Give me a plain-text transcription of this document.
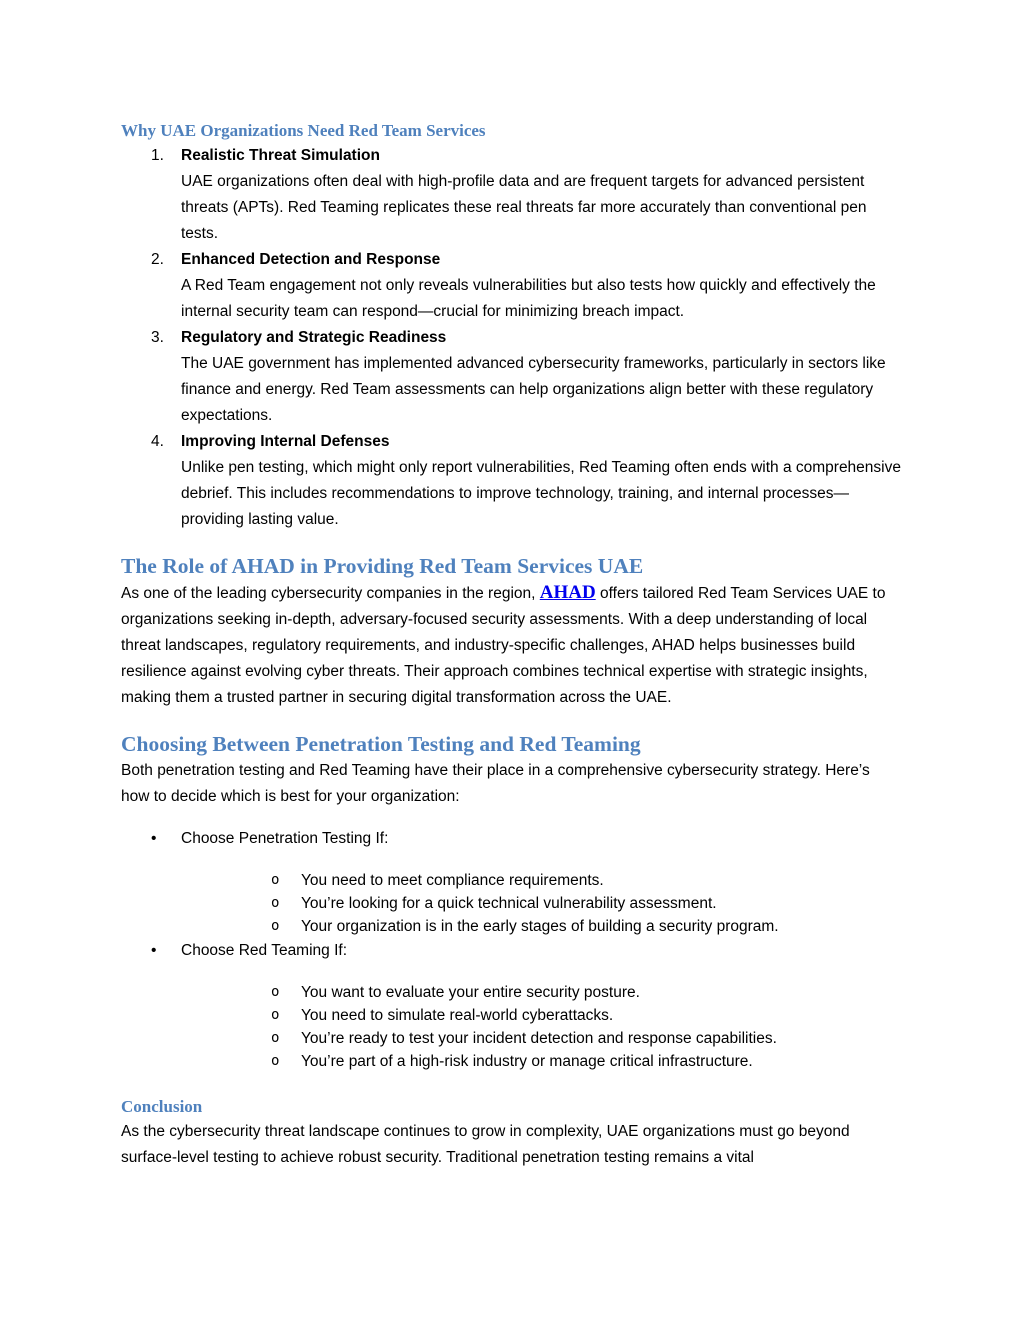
Why UAE Organizations Need Red Team Services
1. Realistic Threat Simulation
UAE organizations often deal with high-profile data and are frequent targets for advanced persistent threats (APTs). Red Teaming replicates these real threats far more accurately than conventional pen tests.
2. Enhanced Detection and Response
A Red Team engagement not only reveals vulnerabilities but also tests how quickly and effectively the internal security team can respond—crucial for minimizing breach impact.
3. Regulatory and Strategic Readiness
The UAE government has implemented advanced cybersecurity frameworks, particularly in sectors like finance and energy. Red Team assessments can help organizations align better with these regulatory expectations.
4. Improving Internal Defenses
Unlike pen testing, which might only report vulnerabilities, Red Teaming often ends with a comprehensive debrief. This includes recommendations to improve technology, training, and internal processes—providing lasting value.
The Role of AHAD in Providing Red Team Services UAE

As one of the leading cybersecurity companies in the region, AHAD offers tailored Red Team Services UAE to organizations seeking in-depth, adversary-focused security assessments. With a deep understanding of local threat landscapes, regulatory requirements, and industry-specific challenges, AHAD helps businesses build resilience against evolving cyber threats. Their approach combines technical expertise with strategic insights, making them a trusted partner in securing digital transformation across the UAE.

Choosing Between Penetration Testing and Red Teaming

Both penetration testing and Red Teaming have their place in a comprehensive cybersecurity strategy. Here’s how to decide which is best for your organization:

• Choose Penetration Testing If:
o You need to meet compliance requirements.
o You’re looking for a quick technical vulnerability assessment.
o Your organization is in the early stages of building a security program.
• Choose Red Teaming If:
o You want to evaluate your entire security posture.
o You need to simulate real-world cyberattacks.
o You’re ready to test your incident detection and response capabilities.
o You’re part of a high-risk industry or manage critical infrastructure.
Conclusion

As the cybersecurity threat landscape continues to grow in complexity, UAE organizations must go beyond surface-level testing to achieve robust security. Traditional penetration testing remains a vital
